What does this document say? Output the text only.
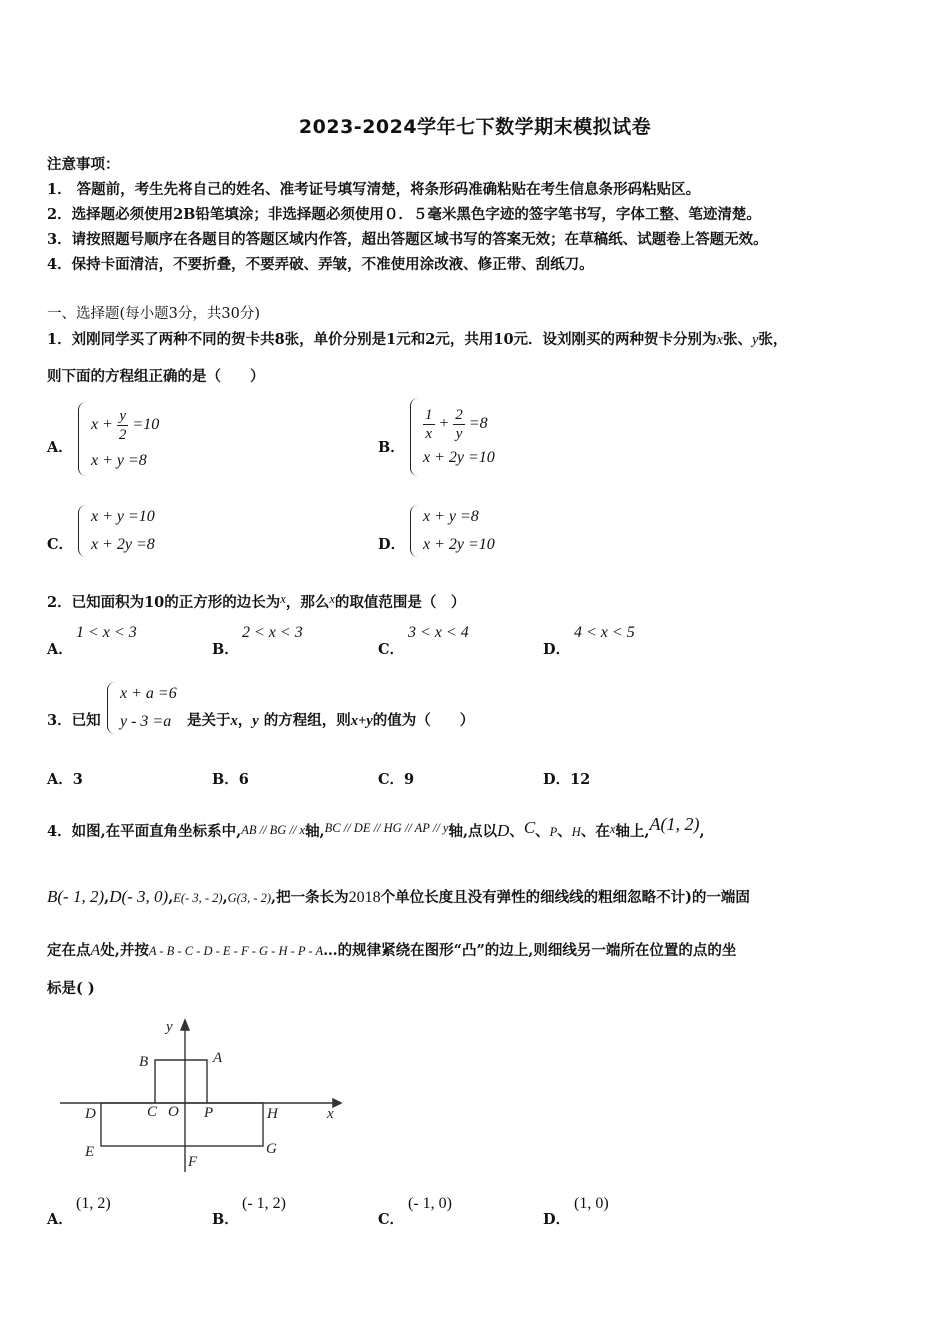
2023-2024学年七下数学期末模拟试卷
注意事项：
1． 答题前，考生先将自己的姓名、准考证号填写清楚，将条形码准确粘贴在考生信息条形码粘贴区。
2．选择题必须使用2B铅笔填涂；非选择题必须使用０．５毫米黑色字迹的签字笔书写，字体工整、笔迹清楚。
3．请按照题号顺序在各题目的答题区域内作答，超出答题区域书写的答案无效；在草稿纸、试题卷上答题无效。
4．保持卡面清洁，不要折叠，不要弄破、弄皱，不准使用涂改液、修正带、刮纸刀。
一、选择题(每小题3分，共30分)
1．刘刚同学买了两种不同的贺卡共8张，单价分别是1元和2元，共用10元．设刘刚买的两种贺卡分别为x张、y张，
则下面的方程组正确的是（　　）
A．
$x + \frac{y}{2} =10$
x + y =8
B．
$\frac{1}{x} + \frac{2}{y} =8$
x + 2y =10
C．
x + y =10
x + 2y =8	D．
x + y =8
x + 2y =10
2．已知面积为10的正方形的边长为x，那么x的取值范围是（　）
A．
1 < x < 3
B．
2 < x < 3
C．
3 < x < 4
D．
4 < x < 5
3．已知
x + a =6
y - 3 =a	是关于x，y 的方程组，则x+y的值为（　　）
A．3	B．6	C．9	D．12
4．如图,在平面直角坐标系中,AB // BG // x轴,BC // DE // HG // AP // y轴,点以D、C、P、H、在x轴上,A(1, 2),
B(- 1, 2),D(- 3, 0),E(- 3, - 2),G(3, - 2),把一条长为2018个单位长度且没有弹性的细线线的粗细忽略不计)的一端固
定在点A处,并按A - B - C - D - E - F - G - H - P - A…的规律紧绕在图形“凸”的边上,则细线另一端所在位置的点的坐
标是( )
y
x
B	A
D	C O P	H
E	G
F
A．
(1, 2)
B．
(- 1, 2)
C．
(- 1, 0)
D．
(1, 0)
